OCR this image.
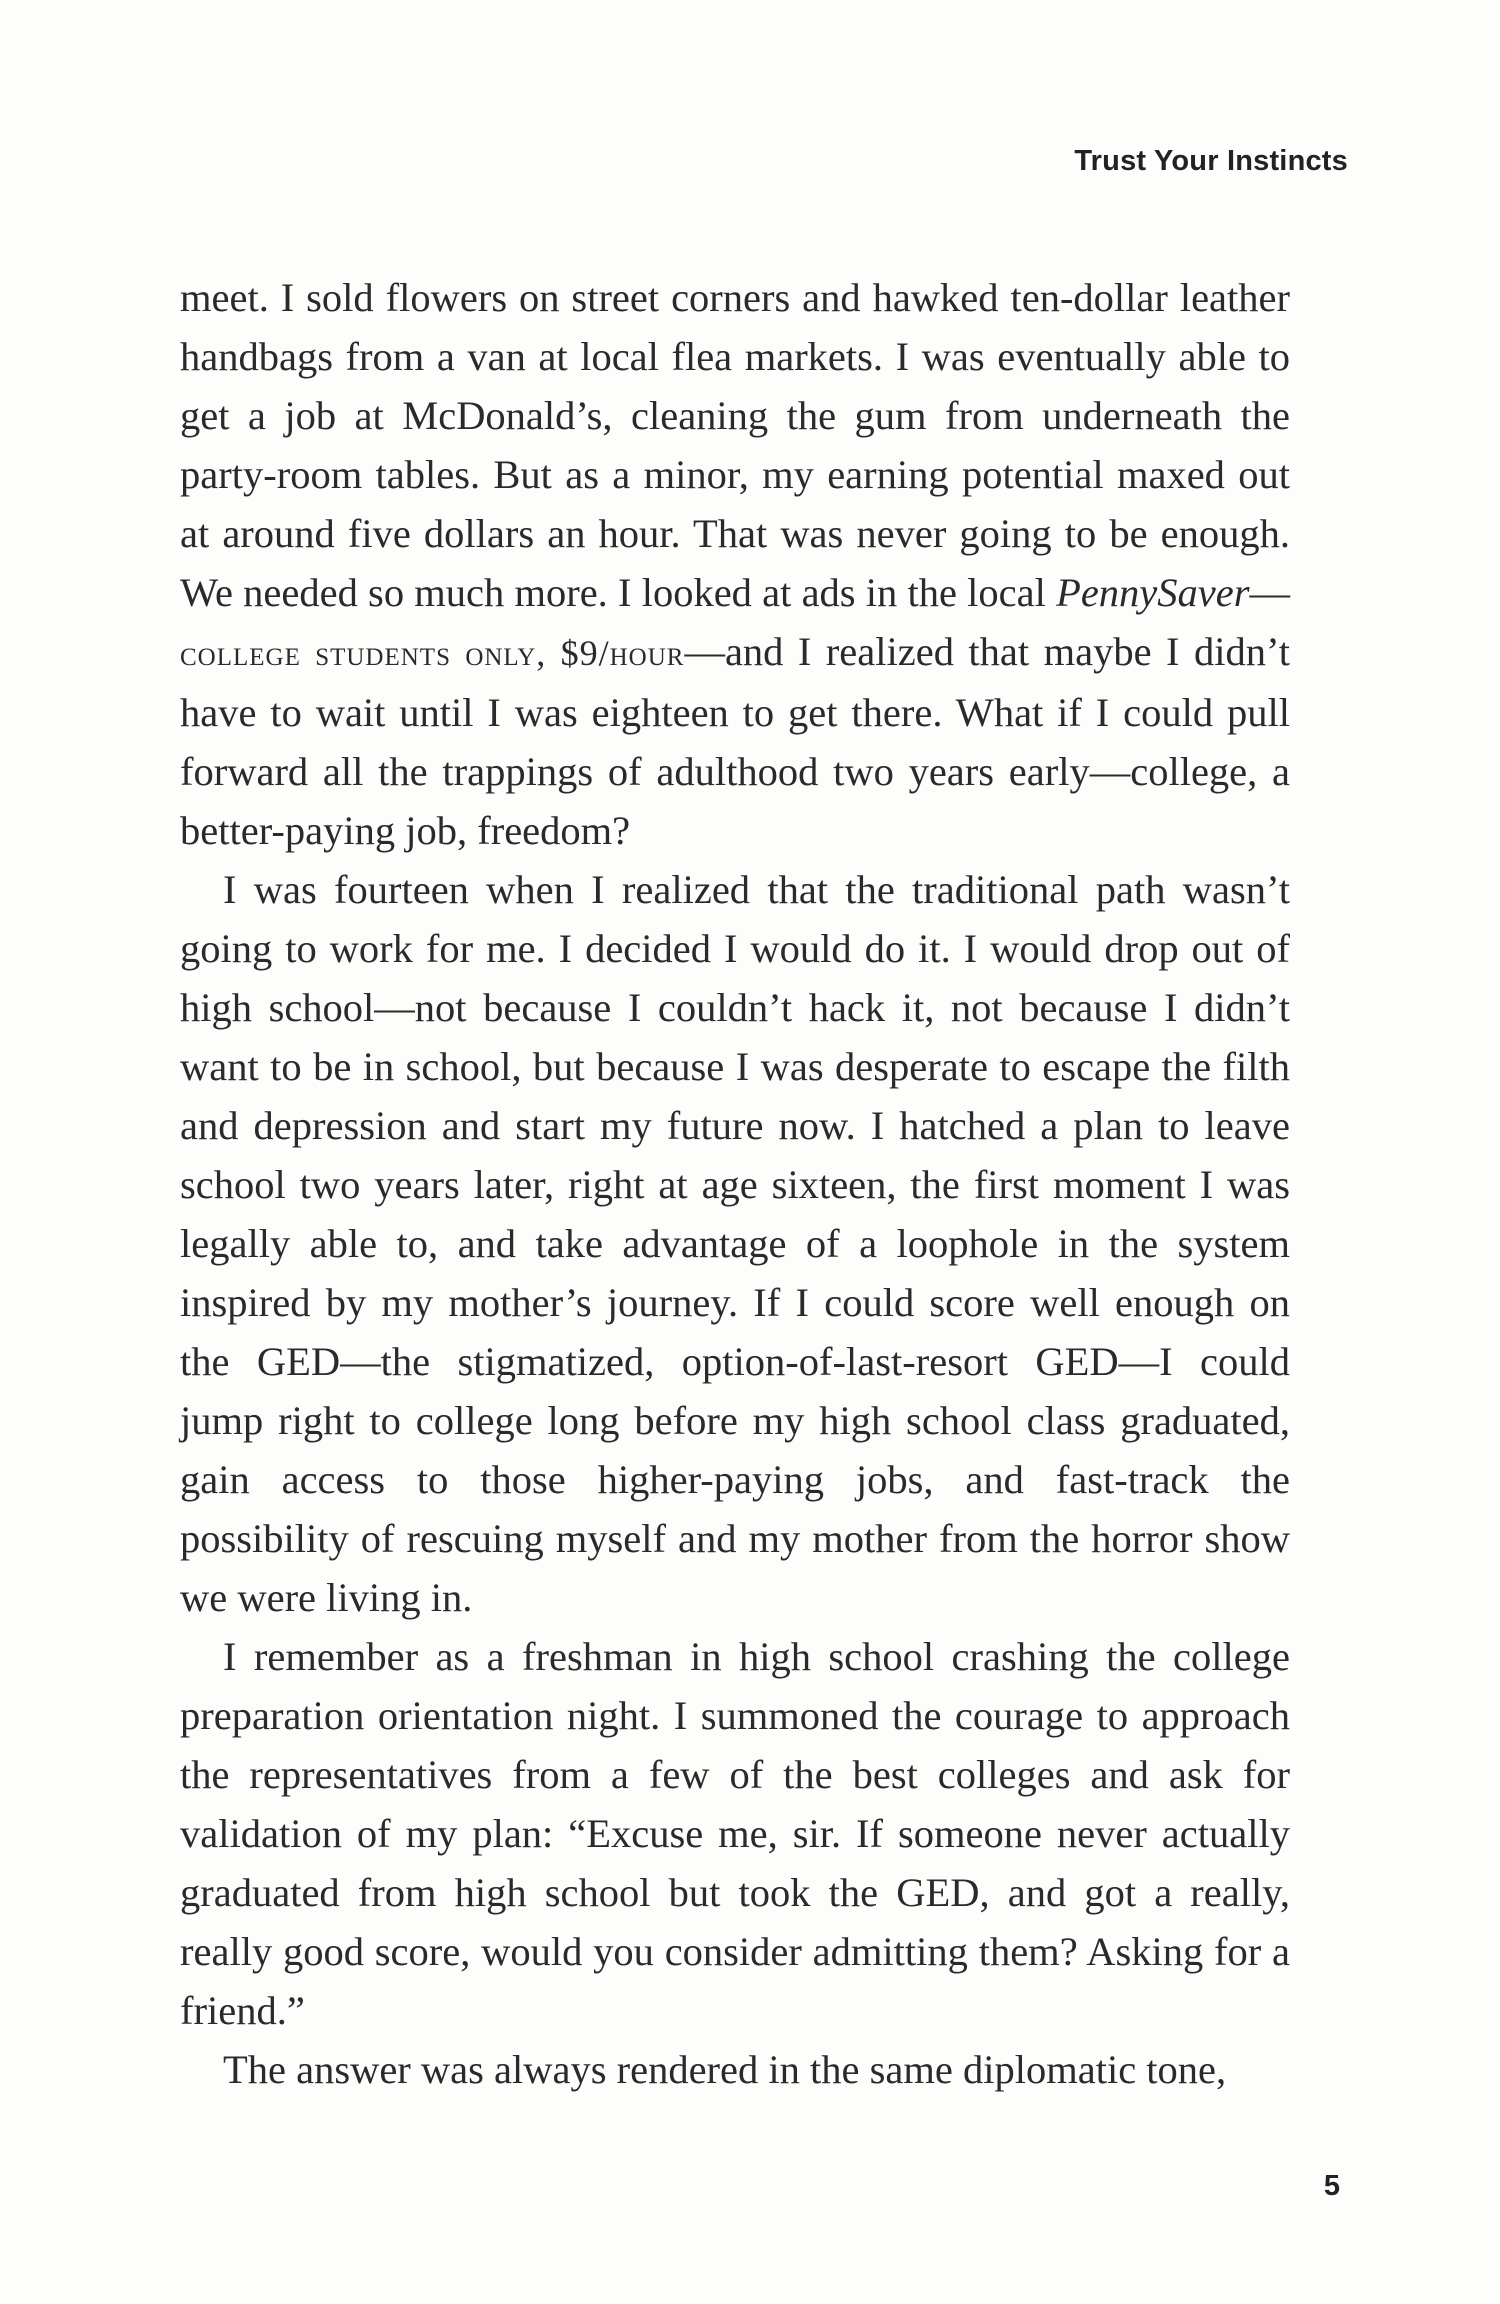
Trust Your Instincts

meet. I sold flowers on street corners and hawked ten-dollar leather handbags from a van at local flea markets. I was eventually able to get a job at McDonald’s, cleaning the gum from underneath the party-room tables. But as a minor, my earning potential maxed out at around five dollars an hour. That was never going to be enough. We needed so much more. I looked at ads in the local PennySaver—college students only, $9/hour—and I realized that maybe I didn’t have to wait until I was eighteen to get there. What if I could pull forward all the trappings of adulthood two years early—college, a better-paying job, freedom?

I was fourteen when I realized that the traditional path wasn’t going to work for me. I decided I would do it. I would drop out of high school—not because I couldn’t hack it, not because I didn’t want to be in school, but because I was desperate to escape the filth and depression and start my future now. I hatched a plan to leave school two years later, right at age sixteen, the first moment I was legally able to, and take advantage of a loophole in the system inspired by my mother’s journey. If I could score well enough on the GED—the stigmatized, option-of-last-resort GED—I could jump right to college long before my high school class graduated, gain access to those higher-paying jobs, and fast-track the possibility of rescuing myself and my mother from the horror show we were living in.

I remember as a freshman in high school crashing the college preparation orientation night. I summoned the courage to approach the representatives from a few of the best colleges and ask for validation of my plan: “Excuse me, sir. If someone never actually graduated from high school but took the GED, and got a really, really good score, would you consider admitting them? Asking for a friend.”

The answer was always rendered in the same diplomatic tone,

5
